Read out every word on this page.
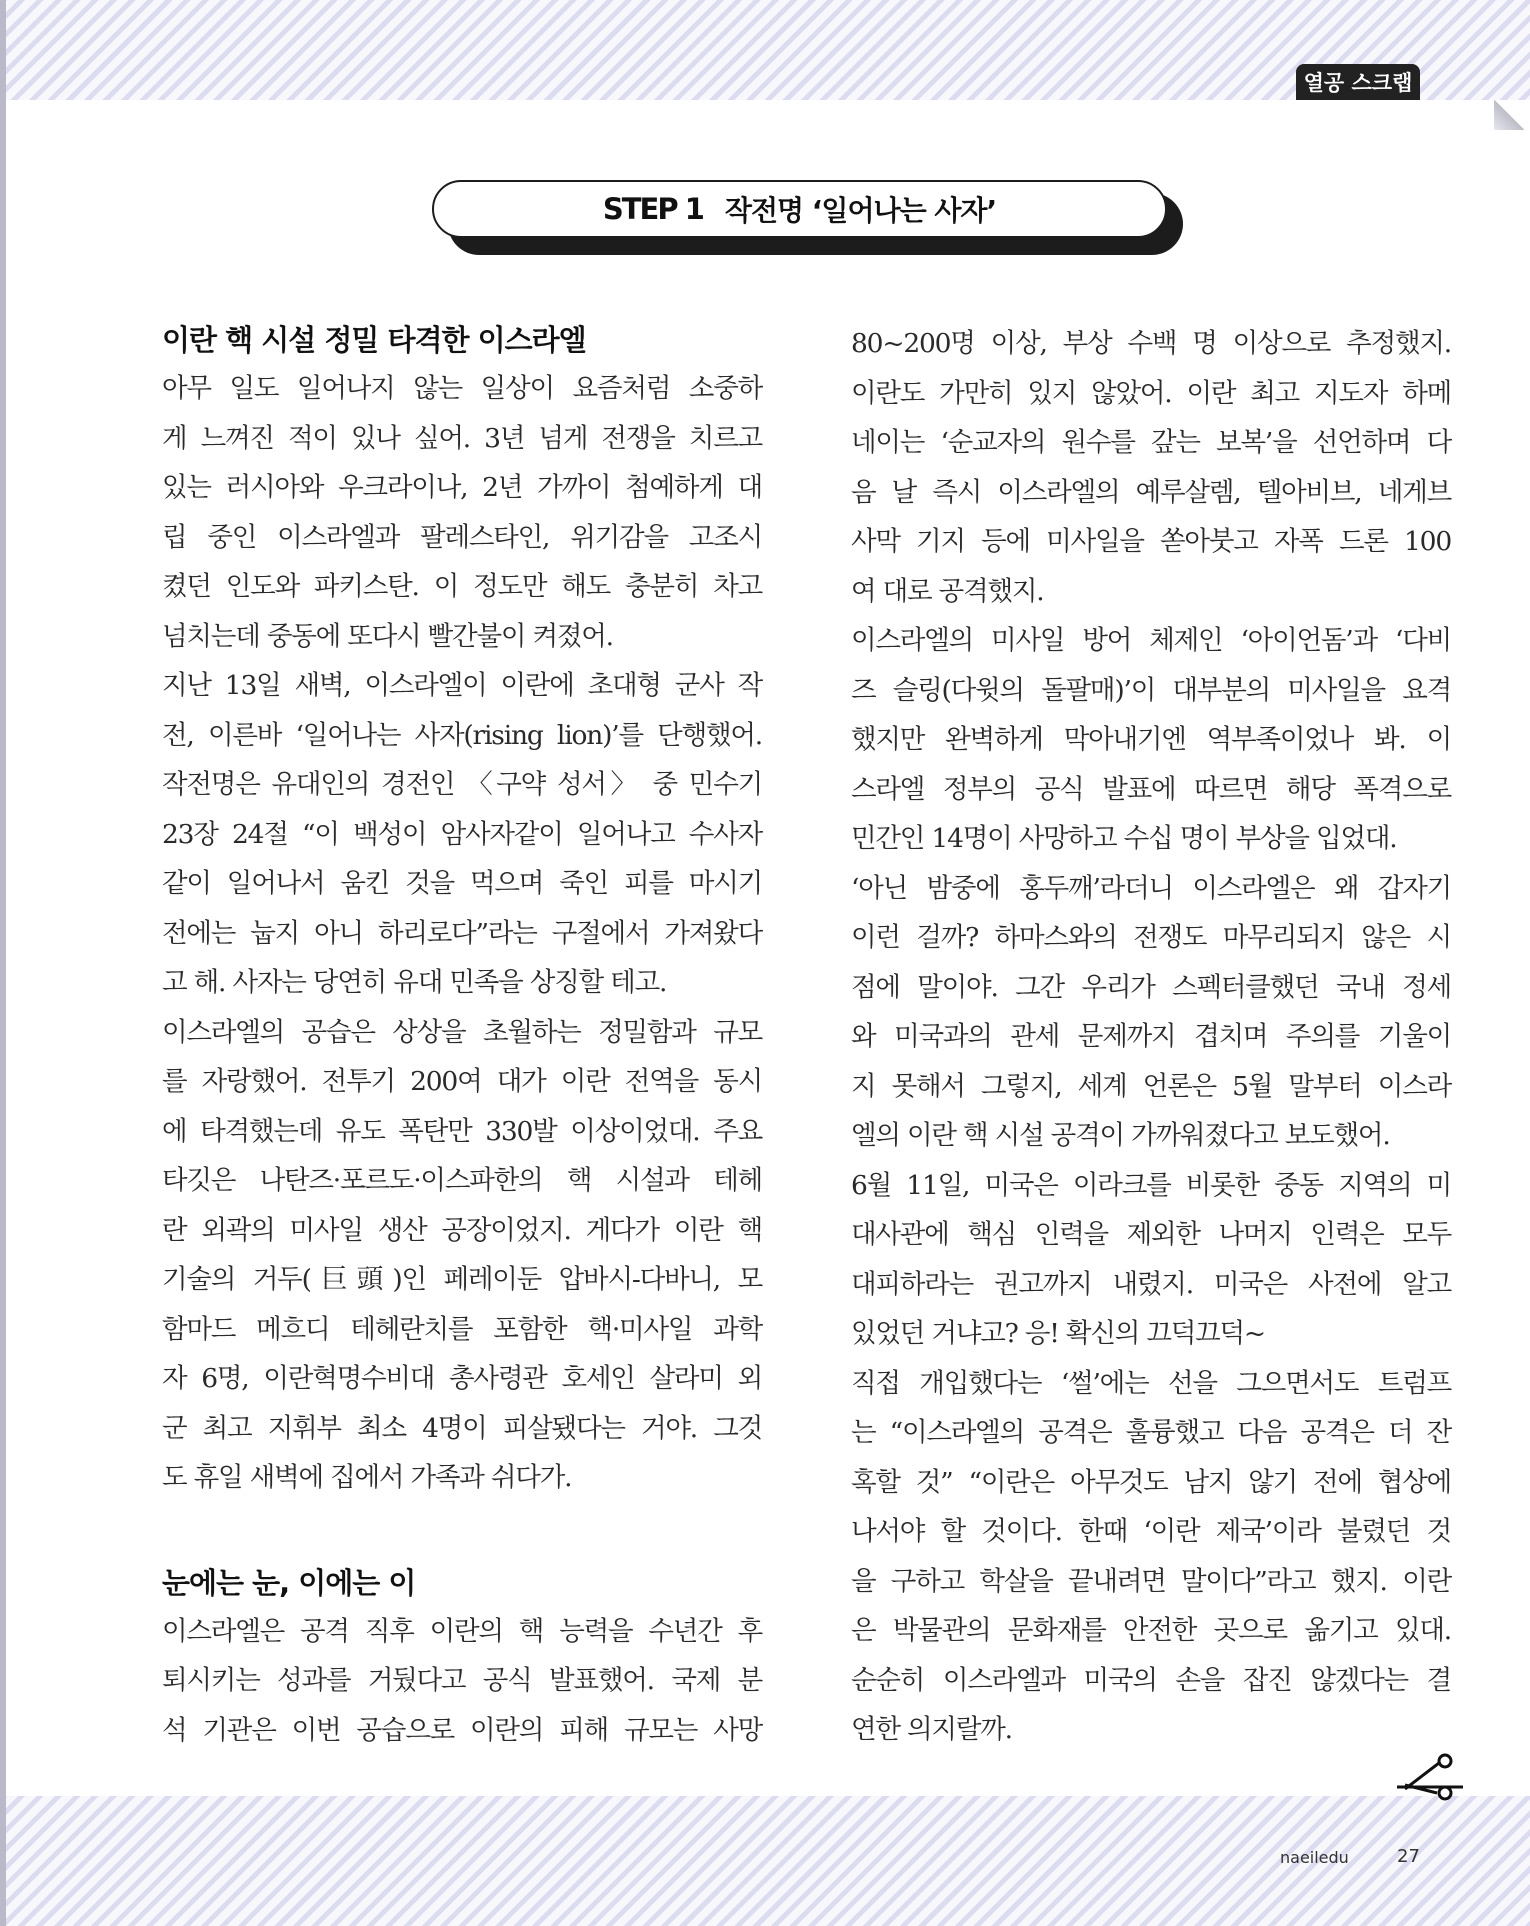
열공 스크랩
STEP 1 작전명 ‘일어나는 사자’
이란 핵 시설 정밀 타격한 이스라엘
아무 일도 일어나지 않는 일상이 요즘처럼 소중하
게 느껴진 적이 있나 싶어. 3년 넘게 전쟁을 치르고
있는 러시아와 우크라이나, 2년 가까이 첨예하게 대
립 중인 이스라엘과 팔레스타인, 위기감을 고조시
켰던 인도와 파키스탄. 이 정도만 해도 충분히 차고
넘치는데 중동에 또다시 빨간불이 켜졌어.
지난 13일 새벽, 이스라엘이 이란에 초대형 군사 작
전, 이른바 ‘일어나는 사자(rising lion)’를 단행했어.
작전명은 유대인의 경전인 〈구약 성서〉 중 민수기
23장 24절 “이 백성이 암사자같이 일어나고 수사자
같이 일어나서 움킨 것을 먹으며 죽인 피를 마시기
전에는 눕지 아니 하리로다”라는 구절에서 가져왔다
고 해. 사자는 당연히 유대 민족을 상징할 테고.
이스라엘의 공습은 상상을 초월하는 정밀함과 규모
를 자랑했어. 전투기 200여 대가 이란 전역을 동시
에 타격했는데 유도 폭탄만 330발 이상이었대. 주요
타깃은 나탄즈·포르도·이스파한의 핵 시설과 테헤
란 외곽의 미사일 생산 공장이었지. 게다가 이란 핵
기술의 거두(巨頭)인 페레이둔 압바시-다바니, 모
함마드 메흐디 테헤란치를 포함한 핵·미사일 과학
자 6명, 이란혁명수비대 총사령관 호세인 살라미 외
군 최고 지휘부 최소 4명이 피살됐다는 거야. 그것
도 휴일 새벽에 집에서 가족과 쉬다가.
눈에는 눈, 이에는 이
이스라엘은 공격 직후 이란의 핵 능력을 수년간 후
퇴시키는 성과를 거뒀다고 공식 발표했어. 국제 분
석 기관은 이번 공습으로 이란의 피해 규모는 사망
80~200명 이상, 부상 수백 명 이상으로 추정했지.
이란도 가만히 있지 않았어. 이란 최고 지도자 하메
네이는 ‘순교자의 원수를 갚는 보복’을 선언하며 다
음 날 즉시 이스라엘의 예루살렘, 텔아비브, 네게브
사막 기지 등에 미사일을 쏟아붓고 자폭 드론 100
여 대로 공격했지.
이스라엘의 미사일 방어 체제인 ‘아이언돔’과 ‘다비
즈 슬링(다윗의 돌팔매)’이 대부분의 미사일을 요격
했지만 완벽하게 막아내기엔 역부족이었나 봐. 이
스라엘 정부의 공식 발표에 따르면 해당 폭격으로
민간인 14명이 사망하고 수십 명이 부상을 입었대.
‘아닌 밤중에 홍두깨’라더니 이스라엘은 왜 갑자기
이런 걸까? 하마스와의 전쟁도 마무리되지 않은 시
점에 말이야. 그간 우리가 스펙터클했던 국내 정세
와 미국과의 관세 문제까지 겹치며 주의를 기울이
지 못해서 그렇지, 세계 언론은 5월 말부터 이스라
엘의 이란 핵 시설 공격이 가까워졌다고 보도했어.
6월 11일, 미국은 이라크를 비롯한 중동 지역의 미
대사관에 핵심 인력을 제외한 나머지 인력은 모두
대피하라는 권고까지 내렸지. 미국은 사전에 알고
있었던 거냐고? 응! 확신의 끄덕끄덕~
직접 개입했다는 ‘썰’에는 선을 그으면서도 트럼프
는 “이스라엘의 공격은 훌륭했고 다음 공격은 더 잔
혹할 것” “이란은 아무것도 남지 않기 전에 협상에
나서야 할 것이다. 한때 ‘이란 제국’이라 불렸던 것
을 구하고 학살을 끝내려면 말이다”라고 했지. 이란
은 박물관의 문화재를 안전한 곳으로 옮기고 있대.
순순히 이스라엘과 미국의 손을 잡진 않겠다는 결
연한 의지랄까.
naeiledu	27
